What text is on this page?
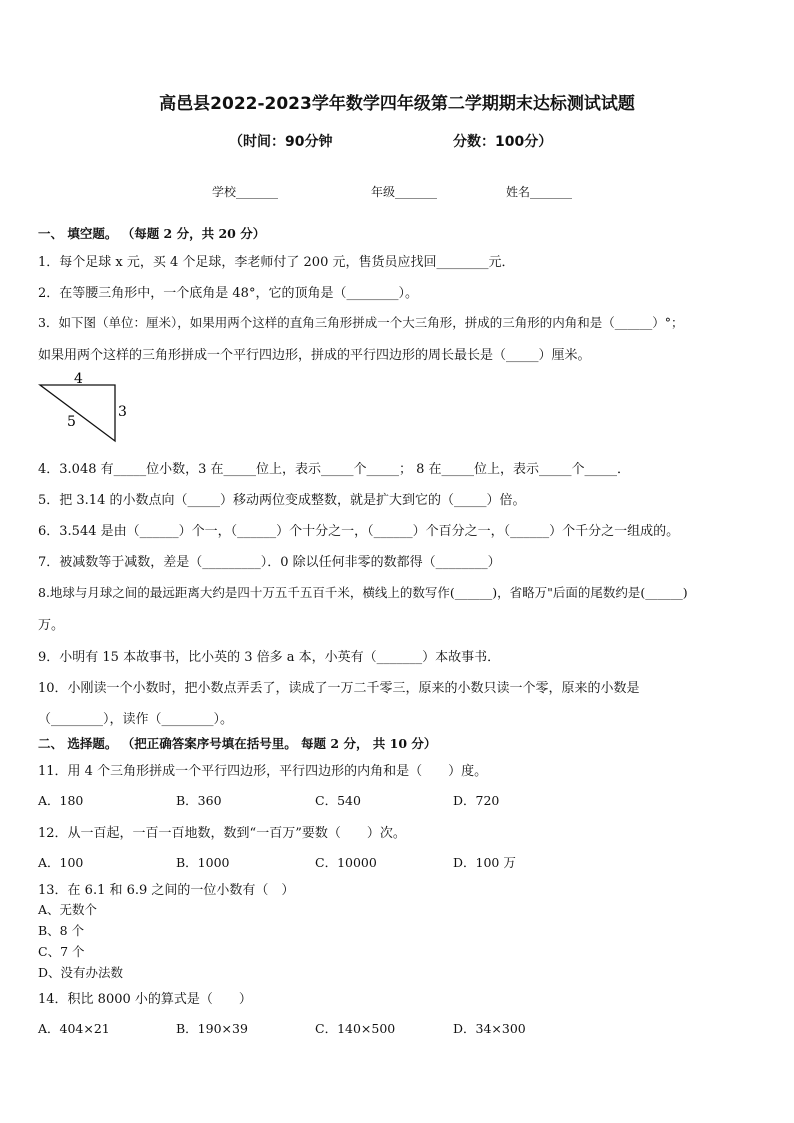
高邑县2022-2023学年数学四年级第二学期期末达标测试试题
（时间：90分钟	分数：100分）
学校_______	年级_______	姓名_______
一、 填空题。 （每题 2 分，共 20 分）
1．每个足球 x 元，买 4 个足球，李老师付了 200 元，售货员应找回________元．
2．在等腰三角形中，一个底角是 48°，它的顶角是（________）。
3．如下图（单位：厘米），如果用两个这样的直角三角形拼成一个大三角形，拼成的三角形的内角和是（______）°；
如果用两个这样的三角形拼成一个平行四边形，拼成的平行四边形的周长最长是（_____）厘米。
4
5
3
4．3.048 有_____位小数，3 在_____位上，表示_____个_____； 8 在_____位上，表示_____个_____．
5．把 3.14 的小数点向（_____）移动两位变成整数，就是扩大到它的（_____）倍。
6．3.544 是由（______）个一，（______）个十分之一，（______）个百分之一，（______）个千分之一组成的。
7．被减数等于减数，差是（_________）．0 除以任何非零的数都得（________）
8.地球与月球之间的最远距离大约是四十万五千五百千米，横线上的数写作(______)，省略万"后面的尾数约是(______)
万。
9．小明有 15 本故事书，比小英的 3 倍多 a 本，小英有（_______）本故事书．
10．小刚读一个小数时，把小数点弄丢了，读成了一万二千零三，原来的小数只读一个零，原来的小数是
（________），读作（________）。
二、 选择题。 （把正确答案序号填在括号里。 每题 2 分， 共 10 分）
11．用 4 个三角形拼成一个平行四边形，平行四边形的内角和是（　　）度。
A．180	B．360	C．540	D．720
12．从一百起，一百一百地数，数到“一百万”要数（　　）次。
A．100	B．1000	C．10000	D．100 万
13．在 6.1 和 6.9 之间的一位小数有（　）
A、无数个
B、8 个
C、7 个
D、没有办法数
14．积比 8000 小的算式是（　　）
A．404×21	B．190×39	C．140×500	D．34×300
